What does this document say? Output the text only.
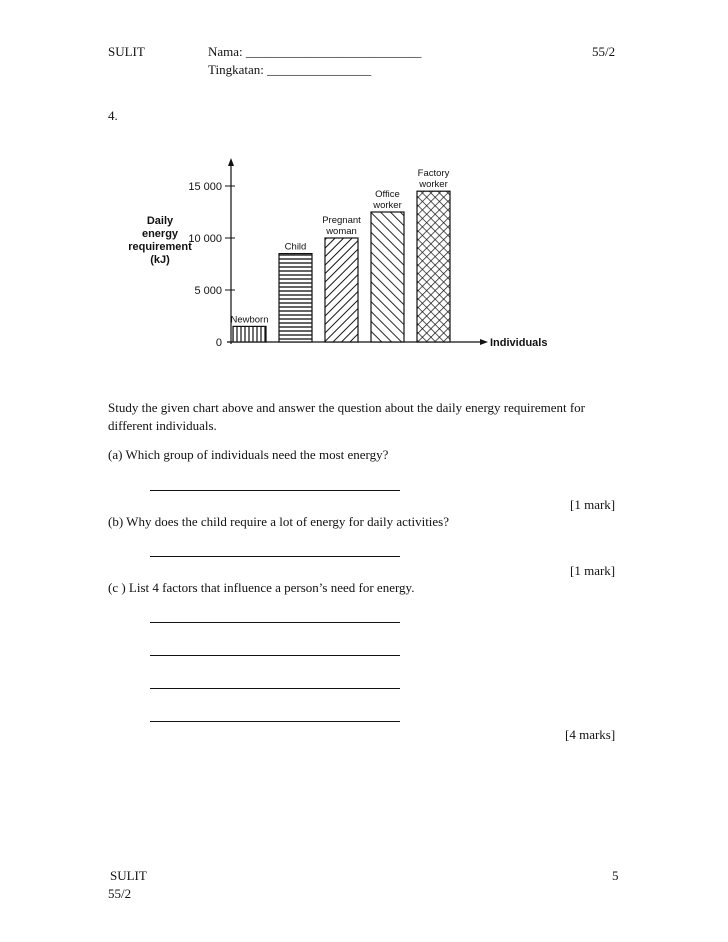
SULIT	Nama: ___________________________
Tingkatan: ________________
55/2
4.
0
5 000
10 000
15 000
Daily
energy
requirement
(kJ)
Individuals
Newborn
Child
Pregnant
woman
Office
worker
Factory
worker
Study the given chart above and answer the question about the daily energy requirement for different individuals.
(a) Which group of individuals need the most energy?
[1 mark]
(b) Why does the child require a lot of energy for daily activities?
[1 mark]
(c ) List 4 factors that influence a person’s need for energy.
[4 marks]
SULIT
55/2
5
